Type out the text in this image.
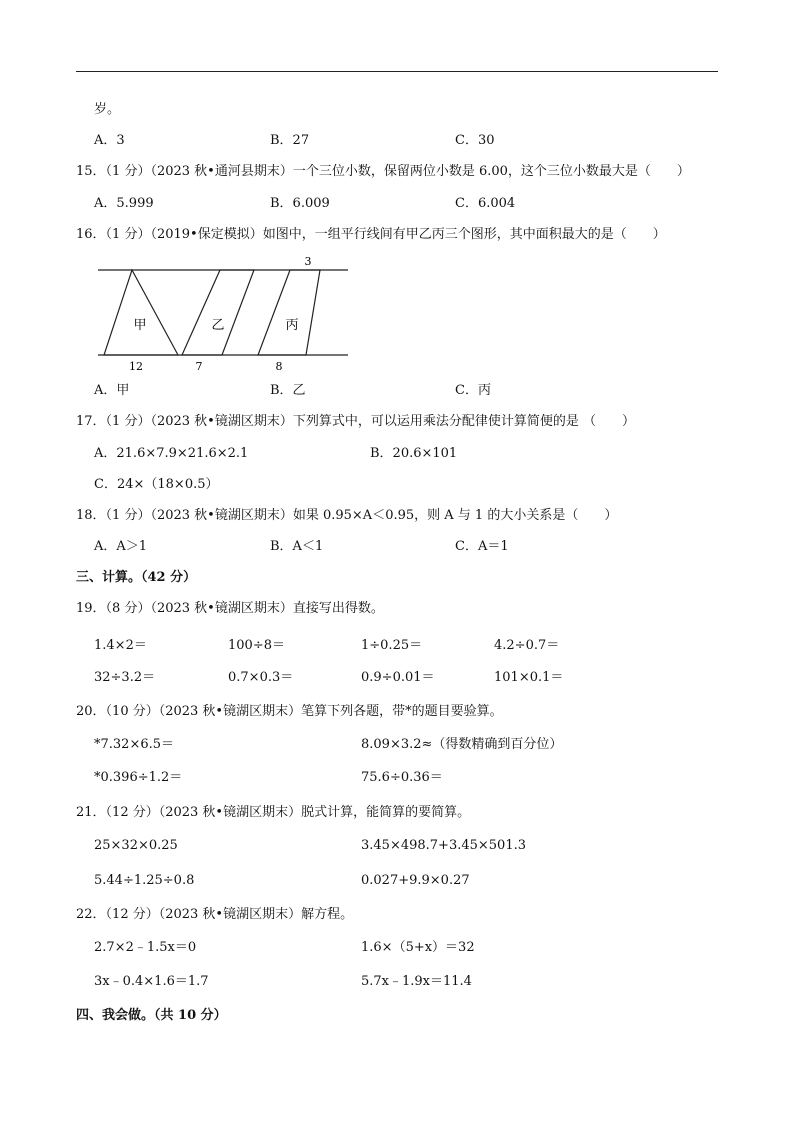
岁。
A．3	B．27	C．30
15．（1 分）（2023 秋•通河县期末）一个三位小数，保留两位小数是 6.00，这个三位小数最大是（　　）
A．5.999	B．6.009	C．6.004
16．（1 分）（2019•保定模拟）如图中，一组平行线间有甲乙丙三个图形，其中面积最大的是（　　）
甲	乙	丙
3
12	7	8
A．甲	B．乙	C．丙
17．（1 分）（2023 秋•镜湖区期末）下列算式中，可以运用乘法分配律使计算简便的是 （　　）
A．21.6×7.9×21.6×2.1	B．20.6×101
C．24×（18×0.5）
18．（1 分）（2023 秋•镜湖区期末）如果 0.95×A＜0.95，则 A 与 1 的大小关系是（　　）
A．A＞1	B．A＜1	C．A＝1
三、计算。（42 分）
19．（8 分）（2023 秋•镜湖区期末）直接写出得数。
1.4×2＝	100÷8＝	1÷0.25＝	4.2÷0.7＝
32÷3.2＝	0.7×0.3＝	0.9÷0.01＝	101×0.1＝
20．（10 分）（2023 秋•镜湖区期末）笔算下列各题，带*的题目要验算。
*7.32×6.5＝	8.09×3.2≈（得数精确到百分位）
*0.396÷1.2＝	75.6÷0.36＝
21．（12 分）（2023 秋•镜湖区期末）脱式计算，能简算的要简算。
25×32×0.25	3.45×498.7+3.45×501.3
5.44÷1.25÷0.8	0.027+9.9×0.27
22．（12 分）（2023 秋•镜湖区期末）解方程。
2.7×2﹣1.5x＝0	1.6×（5+x）＝32
3x﹣0.4×1.6＝1.7	5.7x﹣1.9x＝11.4
四、我会做。（共 10 分）
